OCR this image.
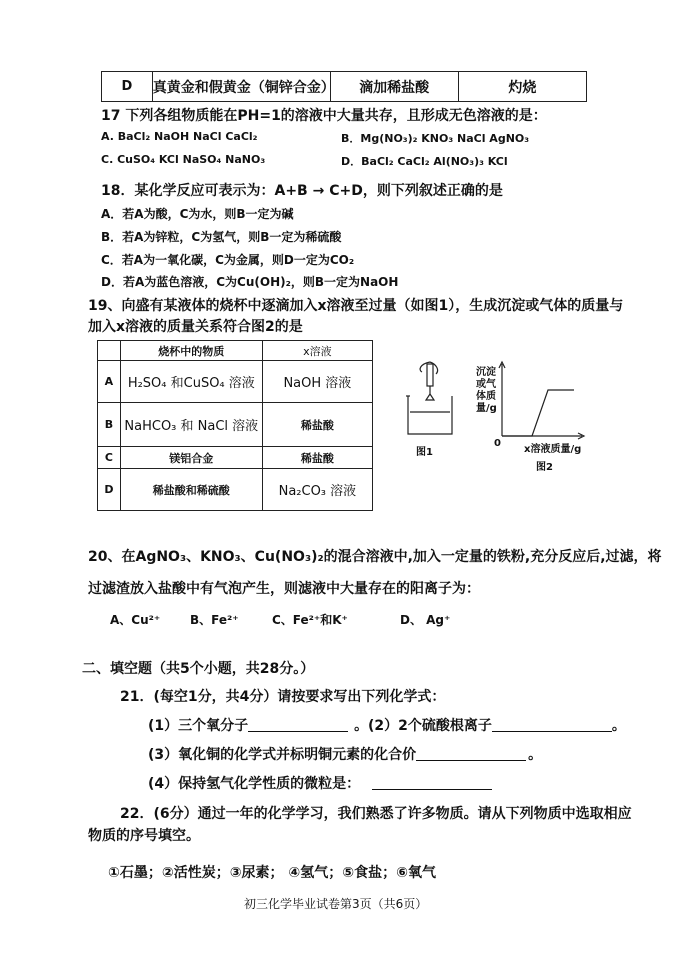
D	真黄金和假黄金（铜锌合金）	滴加稀盐酸	灼烧
17 下列各组物质能在PH=1的溶液中大量共存，且形成无色溶液的是：
A. BaCl₂ NaOH NaCl CaCl₂	B．Mg(NO₃)₂ KNO₃ NaCl AgNO₃
C. CuSO₄ KCl NaSO₄ NaNO₃	D．BaCl₂ CaCl₂ Al(NO₃)₃ KCl
18．某化学反应可表示为：A+B → C+D，则下列叙述正确的是
A．若A为酸，C为水，则B一定为碱
B．若A为锌粒，C为氢气，则B一定为稀硫酸
C．若A为一氧化碳，C为金属，则D一定为CO₂
D．若A为蓝色溶液，C为Cu(OH)₂，则B一定为NaOH
19、向盛有某液体的烧杯中逐滴加入x溶液至过量（如图1），生成沉淀或气体的质量与
加入x溶液的质量关系符合图2的是
	烧杯中的物质	x溶液
A	H₂SO₄ 和CuSO₄ 溶液	NaOH 溶液
B	NaHCO₃ 和 NaCl 溶液	稀盐酸
C	镁铝合金	稀盐酸
D	稀盐酸和稀硫酸	Na₂CO₃ 溶液
图1
沉淀或气体质量/g
0
x溶液质量/g
图2
20、在AgNO₃、KNO₃、Cu(NO₃)₂的混合溶液中,加入一定量的铁粉,充分反应后,过滤，将
过滤渣放入盐酸中有气泡产生，则滤液中大量存在的阳离子为：
A、Cu²⁺ B、Fe²⁺	C、Fe²⁺和K⁺	D、 Ag⁺
二、填空题（共5个小题，共28分。）
21．(每空1分，共4分）请按要求写出下列化学式：
(1）三个氧分子	。 (2）2个硫酸根离子	。
(3）氧化铜的化学式并标明铜元素的化合价	。
(4）保持氢气化学性质的微粒是：
22．(6分）通过一年的化学学习，我们熟悉了许多物质。请从下列物质中选取相应
物质的序号填空。
①石墨；②活性炭；③尿素； ④氢气；⑤食盐；⑥氧气
初三化学毕业试卷第3页（共6页）
